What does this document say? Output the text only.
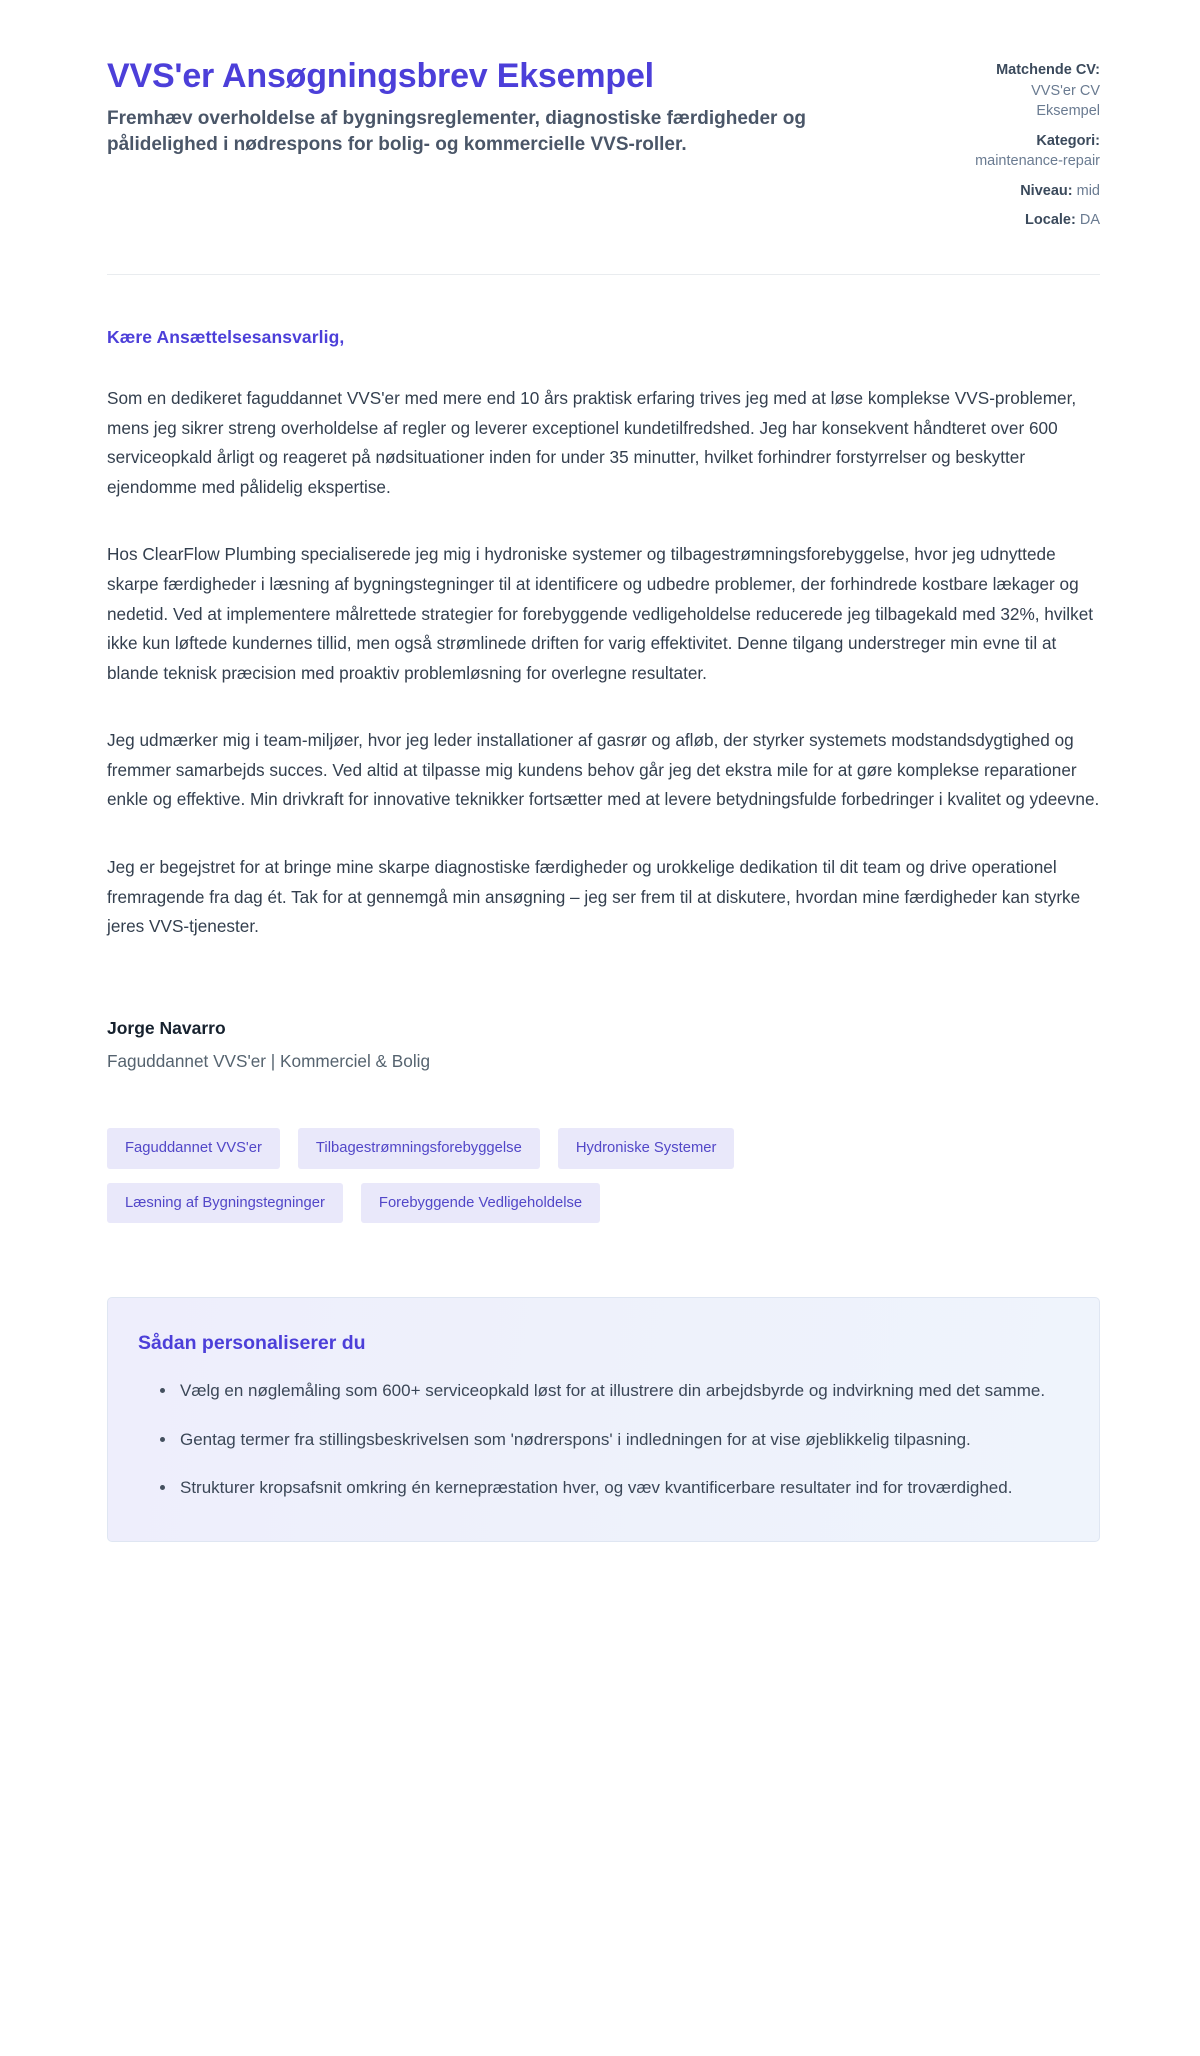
VVS'er Ansøgningsbrev Eksempel

Fremhæv overholdelse af bygningsreglementer, diagnostiske færdigheder og pålidelighed i nødrespons for bolig- og kommercielle VVS-roller.

Matchende CV: VVS'er CV Eksempel
Kategori: maintenance-repair
Niveau: mid
Locale: DA

Kære Ansættelsesansvarlig,

Som en dedikeret faguddannet VVS'er med mere end 10 års praktisk erfaring trives jeg med at løse komplekse VVS-problemer, mens jeg sikrer streng overholdelse af regler og leverer exceptionel kundetilfredshed. Jeg har konsekvent håndteret over 600 serviceopkald årligt og reageret på nødsituationer inden for under 35 minutter, hvilket forhindrer forstyrrelser og beskytter ejendomme med pålidelig ekspertise.

Hos ClearFlow Plumbing specialiserede jeg mig i hydroniske systemer og tilbagestrømningsforebyggelse, hvor jeg udnyttede skarpe færdigheder i læsning af bygningstegninger til at identificere og udbedre problemer, der forhindrede kostbare lækager og nedetid. Ved at implementere målrettede strategier for forebyggende vedligeholdelse reducerede jeg tilbagekald med 32%, hvilket ikke kun løftede kundernes tillid, men også strømlinede driften for varig effektivitet. Denne tilgang understreger min evne til at blande teknisk præcision med proaktiv problemløsning for overlegne resultater.

Jeg udmærker mig i team-miljøer, hvor jeg leder installationer af gasrør og afløb, der styrker systemets modstandsdygtighed og fremmer samarbejds succes. Ved altid at tilpasse mig kundens behov går jeg det ekstra mile for at gøre komplekse reparationer enkle og effektive. Min drivkraft for innovative teknikker fortsætter med at levere betydningsfulde forbedringer i kvalitet og ydeevne.

Jeg er begejstret for at bringe mine skarpe diagnostiske færdigheder og urokkelige dedikation til dit team og drive operationel fremragende fra dag ét. Tak for at gennemgå min ansøgning – jeg ser frem til at diskutere, hvordan mine færdigheder kan styrke jeres VVS-tjenester.

Jorge Navarro

Faguddannet VVS'er | Kommerciel & Bolig

Faguddannet VVS'er	Tilbagestrømningsforebyggelse	Hydroniske Systemer
Læsning af Bygningstegninger	Forebyggende Vedligeholdelse
Sådan personaliserer du
Vælg en nøglemåling som 600+ serviceopkald løst for at illustrere din arbejdsbyrde og indvirkning med det samme.
Gentag termer fra stillingsbeskrivelsen som 'nødrerspons' i indledningen for at vise øjeblikkelig tilpasning.
Strukturer kropsafsnit omkring én kernepræstation hver, og væv kvantificerbare resultater ind for troværdighed.
